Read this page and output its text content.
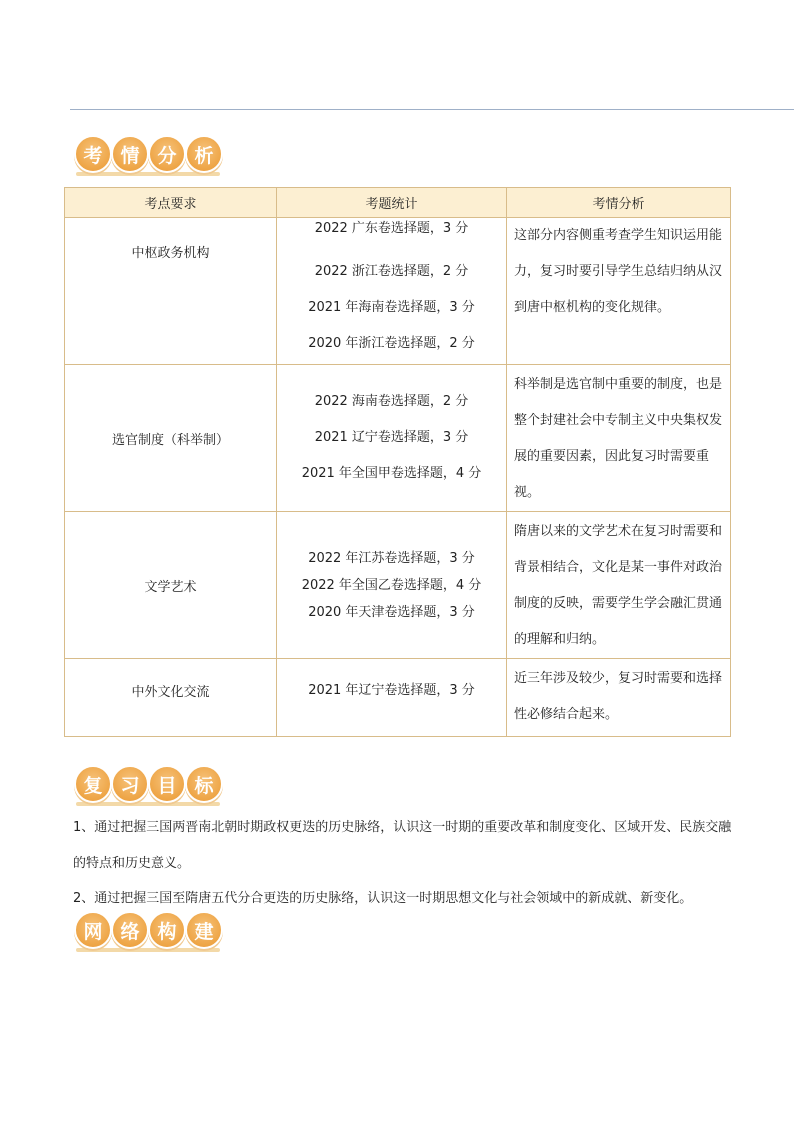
考 情 分 析
考点要求	考题统计	考情分析
中枢政务机构	2022 广东卷选择题，3 分
2022 浙江卷选择题，2 分
2021 年海南卷选择题，3 分
2020 年浙江卷选择题，2 分	这部分内容侧重考查学生知识运用能力，复习时要引导学生总结归纳从汉到唐中枢机构的变化规律。
选官制度（科举制）	2022 海南卷选择题，2 分
2021 辽宁卷选择题，3 分
2021 年全国甲卷选择题，4 分	科举制是选官制中重要的制度，也是整个封建社会中专制主义中央集权发展的重要因素，因此复习时需要重视。
文学艺术	2022 年江苏卷选择题，3 分
2022 年全国乙卷选择题，4 分
2020 年天津卷选择题，3 分	隋唐以来的文学艺术在复习时需要和背景相结合，文化是某一事件对政治制度的反映，需要学生学会融汇贯通的理解和归纳。
中外文化交流	2021 年辽宁卷选择题，3 分	近三年涉及较少，复习时需要和选择性必修结合起来。
复 习 目 标
1、通过把握三国两晋南北朝时期政权更迭的历史脉络，认识这一时期的重要改革和制度变化、区域开发、民族交融的特点和历史意义。
2、通过把握三国至隋唐五代分合更迭的历史脉络，认识这一时期思想文化与社会领域中的新成就、新变化。
网 络 构 建
